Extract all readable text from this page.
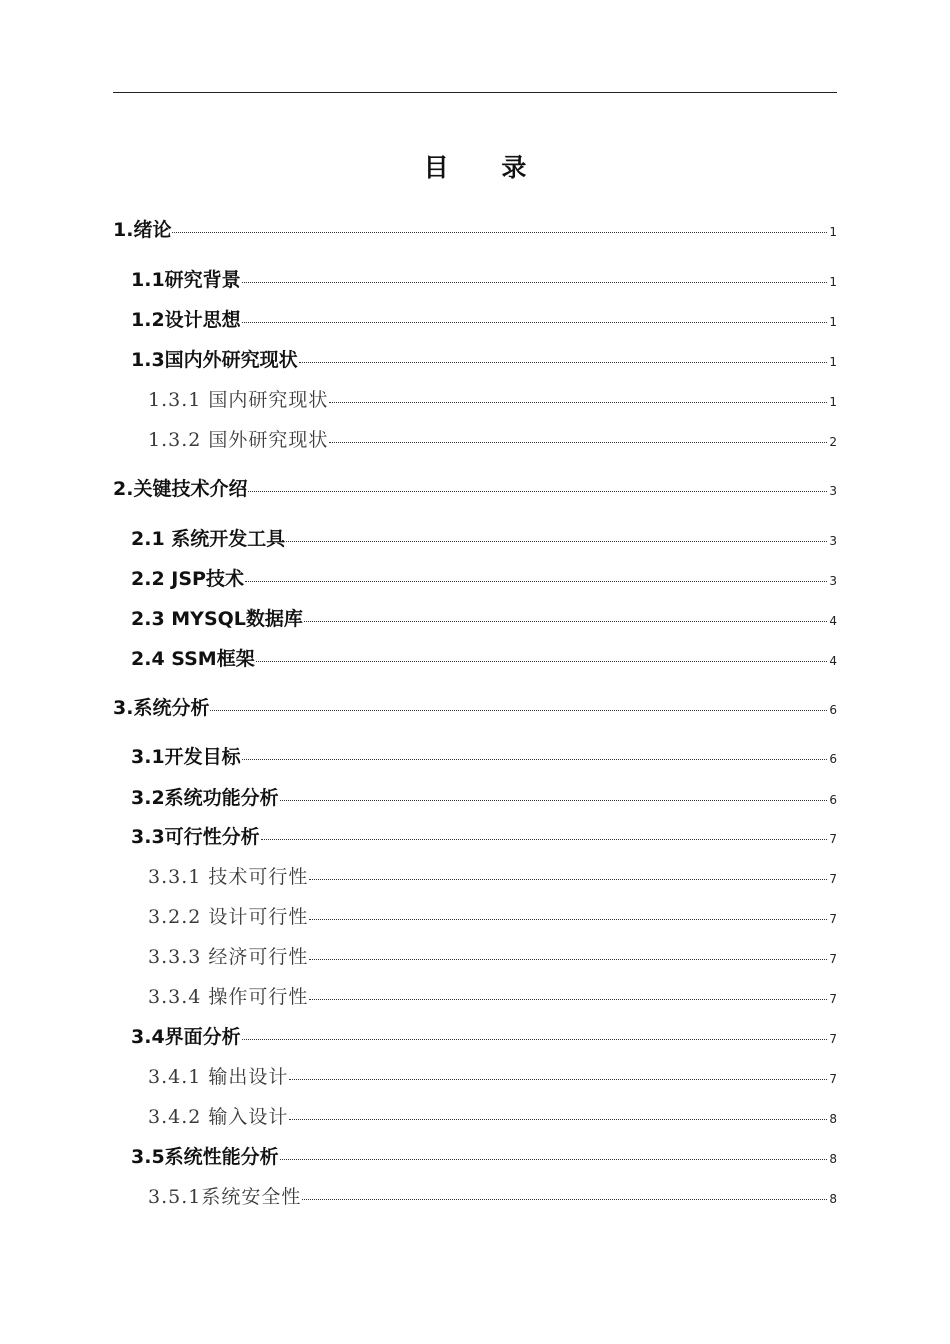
目 录
1.绪论	1
1.1研究背景	1
1.2设计思想	1
1.3国内外研究现状	1
1.3.1 国内研究现状	1
1.3.2 国外研究现状	2
2.关键技术介绍	3
2.1 系统开发工具	3
2.2 JSP技术	3
2.3 MYSQL数据库	4
2.4 SSM框架	4
3.系统分析	6
3.1开发目标	6
3.2系统功能分析	6
3.3可行性分析	7
3.3.1 技术可行性	7
3.2.2 设计可行性	7
3.3.3 经济可行性	7
3.3.4 操作可行性	7
3.4界面分析	7
3.4.1 输出设计	7
3.4.2 输入设计	8
3.5系统性能分析	8
3.5.1系统安全性	8
